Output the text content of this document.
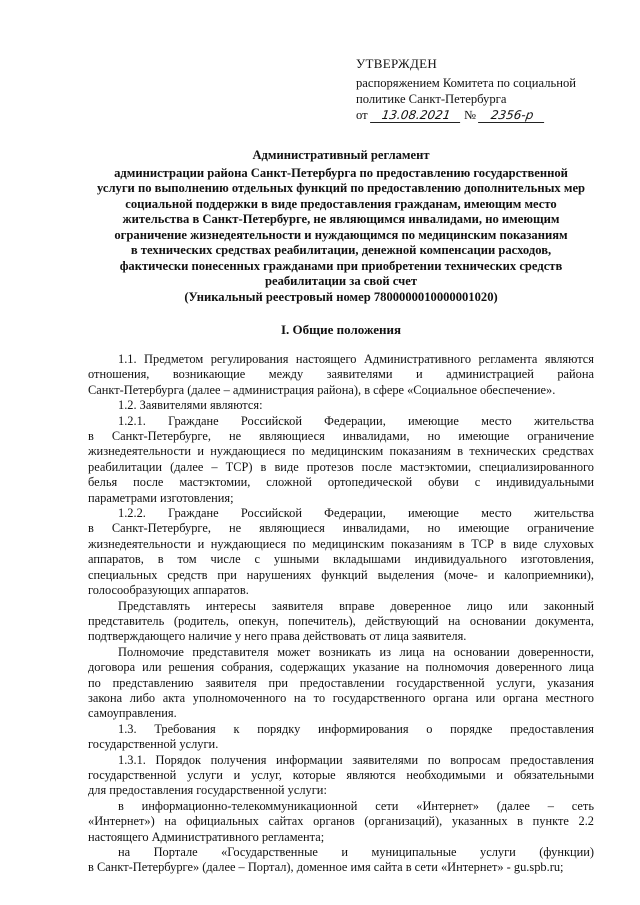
УТВЕРЖДЕН
распоряжением Комитета по социальной
политике Санкт-Петербурга
от 13.08.2021 № 2356-р
Административный регламент
администрации района Санкт-Петербурга по предоставлению государственной
услуги по выполнению отдельных функций по предоставлению дополнительных мер
социальной поддержки в виде предоставления гражданам, имеющим место
жительства в Санкт-Петербурге, не являющимся инвалидами, но имеющим
ограничение жизнедеятельности и нуждающимся по медицинским показаниям
в технических средствах реабилитации, денежной компенсации расходов,
фактически понесенных гражданами при приобретении технических средств
реабилитации за свой счет
(Уникальный реестровый номер 7800000010000001020)
I. Общие положения

1.1. Предметом регулирования настоящего Административного регламента являются
отношения, возникающие между заявителями и администрацией района
Санкт-Петербурга (далее – администрация района), в сфере «Социальное обеспечение».

1.2. Заявителями являются:

1.2.1. Граждане Российской Федерации, имеющие место жительства
в Санкт-Петербурге, не являющиеся инвалидами, но имеющие ограничение
жизнедеятельности и нуждающиеся по медицинским показаниям в технических средствах
реабилитации (далее – ТСР) в виде протезов после мастэктомии, специализированного
белья после мастэктомии, сложной ортопедической обуви с индивидуальными
параметрами изготовления;

1.2.2. Граждане Российской Федерации, имеющие место жительства
в Санкт-Петербурге, не являющиеся инвалидами, но имеющие ограничение
жизнедеятельности и нуждающиеся по медицинским показаниям в ТСР в виде слуховых
аппаратов, в том числе с ушными вкладышами индивидуального изготовления,
специальных средств при нарушениях функций выделения (моче- и калоприемники),
голосообразующих аппаратов.

Представлять интересы заявителя вправе доверенное лицо или законный
представитель (родитель, опекун, попечитель), действующий на основании документа,
подтверждающего наличие у него права действовать от лица заявителя.

Полномочие представителя может возникать из лица на основании доверенности,
договора или решения собрания, содержащих указание на полномочия доверенного лица
по представлению заявителя при предоставлении государственной услуги, указания
закона либо акта уполномоченного на то государственного органа или органа местного
самоуправления.

1.3. Требования к порядку информирования о порядке предоставления
государственной услуги.

1.3.1. Порядок получения информации заявителями по вопросам предоставления
государственной услуги и услуг, которые являются необходимыми и обязательными
для предоставления государственной услуги:

в информационно-телекоммуникационной сети «Интернет» (далее – сеть
«Интернет») на официальных сайтах органов (организаций), указанных в пункте 2.2
настоящего Административного регламента;

на Портале «Государственные и муниципальные услуги (функции)
в Санкт-Петербурге» (далее – Портал), доменное имя сайта в сети «Интернет» - gu.spb.ru;
